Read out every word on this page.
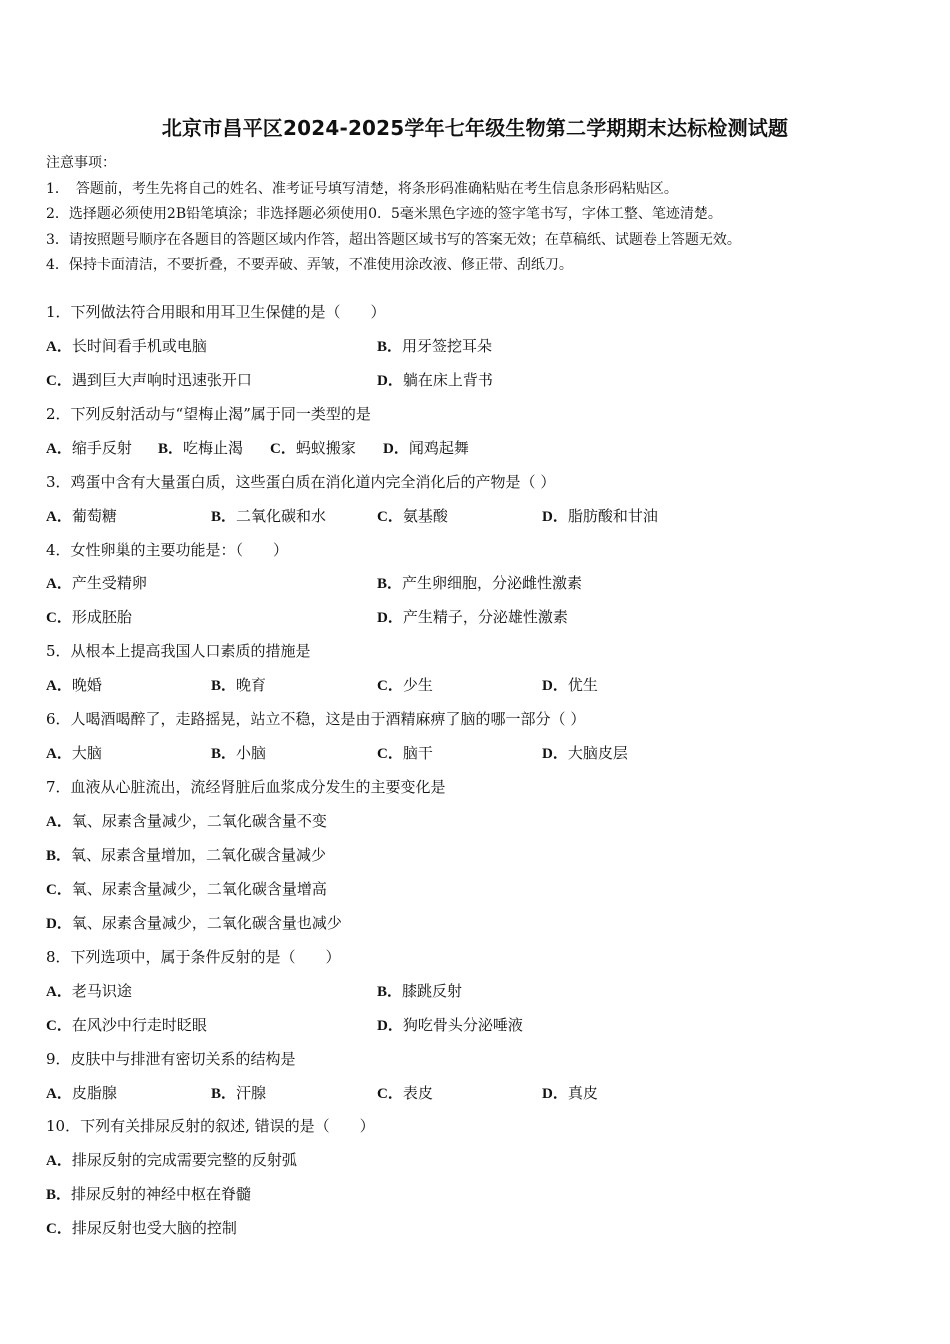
北京市昌平区2024-2025学年七年级生物第二学期期末达标检测试题
注意事项：
1．　答题前，考生先将自己的姓名、准考证号填写清楚，将条形码准确粘贴在考生信息条形码粘贴区。
2．选择题必须使用2B铅笔填涂；非选择题必须使用0．5毫米黑色字迹的签字笔书写，字体工整、笔迹清楚。
3．请按照题号顺序在各题目的答题区域内作答，超出答题区域书写的答案无效；在草稿纸、试题卷上答题无效。
4．保持卡面清洁，不要折叠，不要弄破、弄皱，不准使用涂改液、修正带、刮纸刀。
1．下列做法符合用眼和用耳卫生保健的是（　　）
A．长时间看手机或电脑	B．用牙签挖耳朵
C．遇到巨大声响时迅速张开口	D．躺在床上背书
2．下列反射活动与“望梅止渴”属于同一类型的是
A．缩手反射 B．吃梅止渴 C．蚂蚁搬家 D．闻鸡起舞
3．鸡蛋中含有大量蛋白质，这些蛋白质在消化道内完全消化后的产物是（ ）
A．葡萄糖	B．二氧化碳和水	C．氨基酸	D．脂肪酸和甘油
4．女性卵巢的主要功能是：（　　）
A．产生受精卵	B．产生卵细胞，分泌雌性激素
C．形成胚胎	D．产生精子，分泌雄性激素
5．从根本上提高我国人口素质的措施是
A．晚婚	B．晚育	C．少生	D．优生
6．人喝酒喝醉了，走路摇晃，站立不稳，这是由于酒精麻痹了脑的哪一部分（ ）
A．大脑	B．小脑	C．脑干	D．大脑皮层
7．血液从心脏流出，流经肾脏后血浆成分发生的主要变化是
A．氧、尿素含量减少，二氧化碳含量不变
B．氧、尿素含量增加，二氧化碳含量减少
C．氧、尿素含量减少，二氧化碳含量增高
D．氧、尿素含量减少，二氧化碳含量也减少
8．下列选项中，属于条件反射的是（　　）
A．老马识途	B．膝跳反射
C．在风沙中行走时眨眼	D．狗吃骨头分泌唾液
9．皮肤中与排泄有密切关系的结构是
A．皮脂腺	B．汗腺	C．表皮	D．真皮
10．下列有关排尿反射的叙述, 错误的是（　　）
A．排尿反射的完成需要完整的反射弧
B．排尿反射的神经中枢在脊髓
C．排尿反射也受大脑的控制
